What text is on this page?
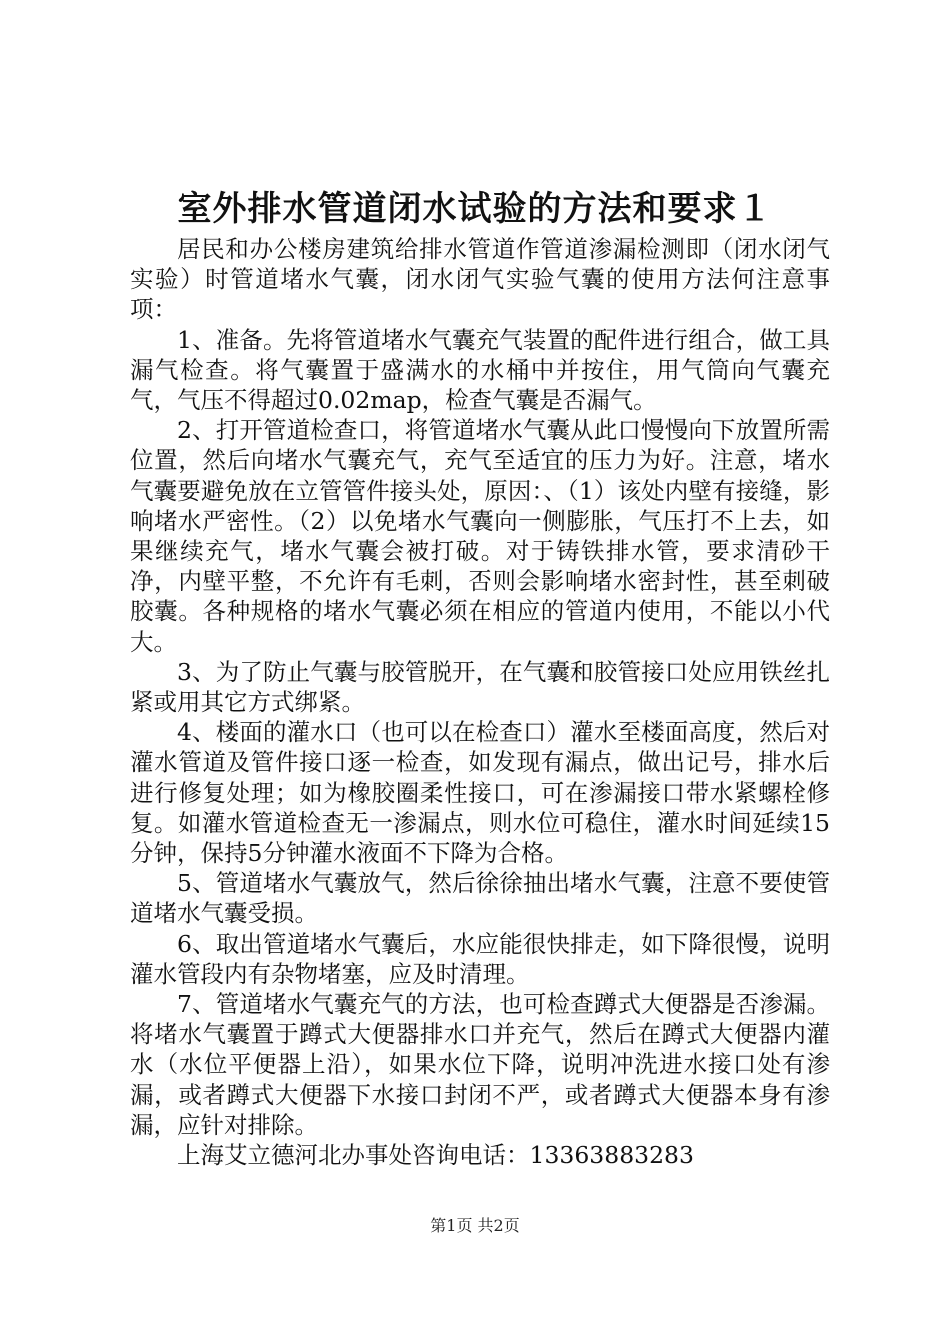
室外排水管道闭水试验的方法和要求１

居民和办公楼房建筑给排水管道作管道渗漏检测即（闭水闭气实验）时管道堵水气囊，闭水闭气实验气囊的使用方法何注意事项：

1、准备。先将管道堵水气囊充气装置的配件进行组合，做工具漏气检查。将气囊置于盛满水的水桶中并按住，用气筒向气囊充气，气压不得超过0.02map，检查气囊是否漏气。

2、打开管道检查口，将管道堵水气囊从此口慢慢向下放置所需位置，然后向堵水气囊充气，充气至适宜的压力为好。注意，堵水气囊要避免放在立管管件接头处，原因：、（1）该处内壁有接缝，影响堵水严密性。（2）以免堵水气囊向一侧膨胀，气压打不上去，如果继续充气，堵水气囊会被打破。对于铸铁排水管，要求清砂干净，内壁平整，不允许有毛刺，否则会影响堵水密封性，甚至刺破胶囊。各种规格的堵水气囊必须在相应的管道内使用，不能以小代大。

3、为了防止气囊与胶管脱开，在气囊和胶管接口处应用铁丝扎紧或用其它方式绑紧。

4、楼面的灌水口（也可以在检查口）灌水至楼面高度，然后对灌水管道及管件接口逐一检查，如发现有漏点，做出记号，排水后进行修复处理；如为橡胶圈柔性接口，可在渗漏接口带水紧螺栓修复。如灌水管道检查无一渗漏点，则水位可稳住，灌水时间延续15分钟，保持5分钟灌水液面不下降为合格。

5、管道堵水气囊放气，然后徐徐抽出堵水气囊，注意不要使管道堵水气囊受损。

6、取出管道堵水气囊后，水应能很快排走，如下降很慢，说明灌水管段内有杂物堵塞，应及时清理。

7、管道堵水气囊充气的方法，也可检查蹲式大便器是否渗漏。将堵水气囊置于蹲式大便器排水口并充气，然后在蹲式大便器内灌水（水位平便器上沿），如果水位下降，说明冲洗进水接口处有渗漏，或者蹲式大便器下水接口封闭不严，或者蹲式大便器本身有渗漏，应针对排除。

上海艾立德河北办事处咨询电话：13363883283

第1页 共2页
